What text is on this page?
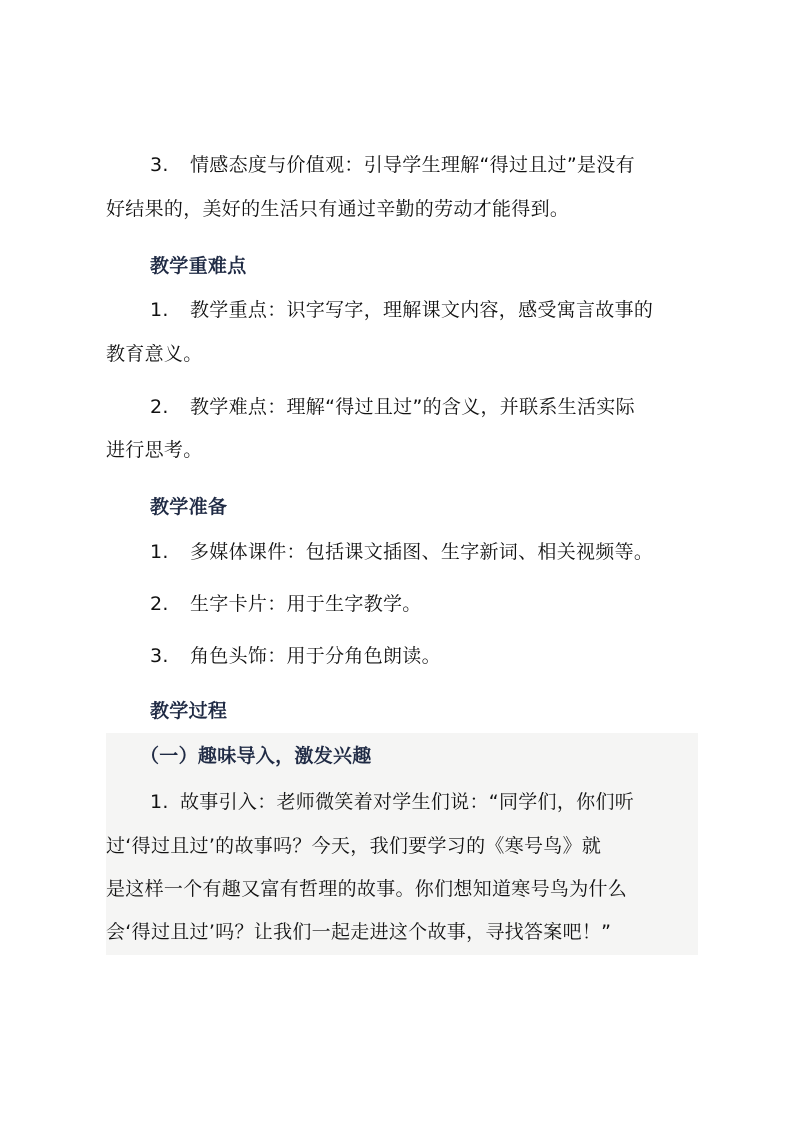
3. 情感态度与价值观：引导学生理解“得过且过”是没有
好结果的，美好的生活只有通过辛勤的劳动才能得到。
教学重难点
1. 教学重点：识字写字，理解课文内容，感受寓言故事的
教育意义。
2. 教学难点：理解“得过且过”的含义，并联系生活实际
进行思考。
教学准备
1. 多媒体课件：包括课文插图、生字新词、相关视频等。
2. 生字卡片：用于生字教学。
3. 角色头饰：用于分角色朗读。
教学过程
（一）趣味导入，激发兴趣
1. 故事引入：老师微笑着对学生们说：“同学们，你们听
过‘得过且过’的故事吗？今天，我们要学习的《寒号鸟》就
是这样一个有趣又富有哲理的故事。你们想知道寒号鸟为什么
会‘得过且过’吗？让我们一起走进这个故事，寻找答案吧！”
